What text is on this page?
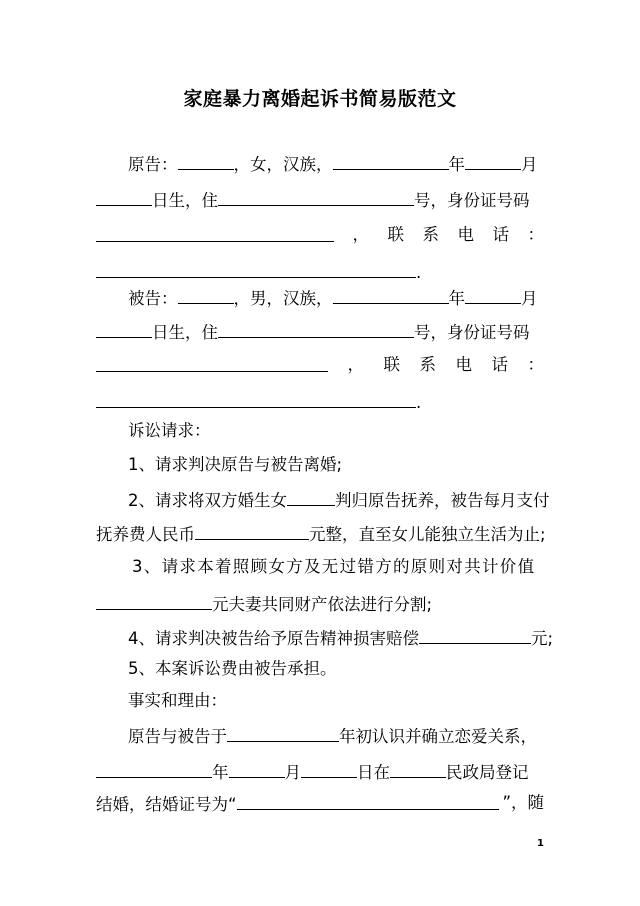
家庭暴力离婚起诉书简易版范文
原告：	，女，汉族，	年	月
日生，住	号，身份证号码
， 联 系 电 话 ：
.
被告：	，男，汉族，	年	月
日生，住	号，身份证号码
， 联 系 电 话 ：
.
诉讼请求：
1、请求判决原告与被告离婚;
2、请求将双方婚生女	判归原告抚养，被告每月支付
抚养费人民币	元整，直至女儿能独立生活为止;
3、请求本着照顾女方及无过错方的原则对共计价值
元夫妻共同财产依法进行分割;
4、请求判决被告给予原告精神损害赔偿	元;
5、本案诉讼费由被告承担。
事实和理由：
原告与被告于	年初认识并确立恋爱关系，
年	月	日在	民政局登记
结婚，结婚证号为“	”，随
1
